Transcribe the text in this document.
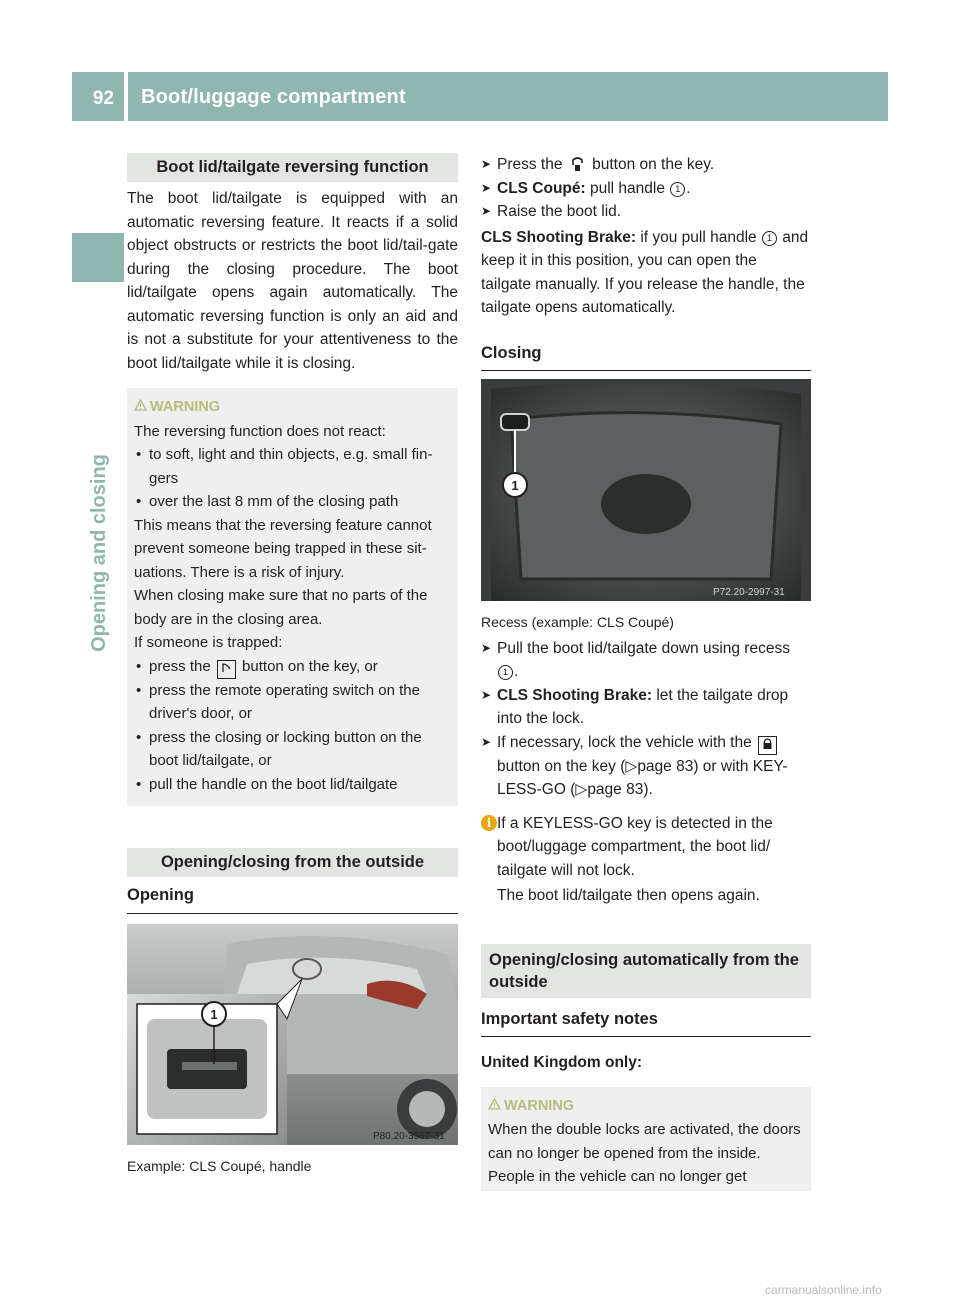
92 Boot/luggage compartment
Opening and closing
Boot lid/tailgate reversing function

The boot lid/tailgate is equipped with an automatic reversing feature. It reacts if a solid object obstructs or restricts the boot lid/tail-gate during the closing procedure. The boot lid/tailgate opens again automatically. The automatic reversing function is only an aid and is not a substitute for your attentiveness to the boot lid/tailgate while it is closing.

WARNING
The reversing function does not react:
• to soft, light and thin objects, e.g. small fin-gers
• over the last 8 mm of the closing path
This means that the reversing feature cannot prevent someone being trapped in these sit-uations. There is a risk of injury.
When closing make sure that no parts of the body are in the closing area.
If someone is trapped:
• press the button on the key, or
• press the remote operating switch on the driver's door, or
• press the closing or locking button on the boot lid/tailgate, or
• pull the handle on the boot lid/tailgate
Opening/closing from the outside
Opening
1
P80.20-3567-31
Example: CLS Coupé, handle

➤ Press the button on the key.

➤ CLS Coupé: pull handle 1 .

➤ Raise the boot lid.

CLS Shooting Brake: if you pull handle 1 and keep it in this position, you can open the tailgate manually. If you release the handle, the tailgate opens automatically.

Closing
1
P72.20-2997-31
Recess (example: CLS Coupé)

➤ Pull the boot lid/tailgate down using recess 1 .

➤ CLS Shooting Brake: let the tailgate drop into the lock.

➤ If necessary, lock the vehicle with the  button on the key (▷page 83) or with KEY-LESS-GO (▷page 83).

i If a KEYLESS-GO key is detected in the boot/luggage compartment, the boot lid/ tailgate will not lock.

The boot lid/tailgate then opens again.

Opening/closing automatically from the outside
Important safety notes

United Kingdom only:

WARNING
When the double locks are activated, the doors can no longer be opened from the inside. People in the vehicle can no longer get
carmanualsonline.info
